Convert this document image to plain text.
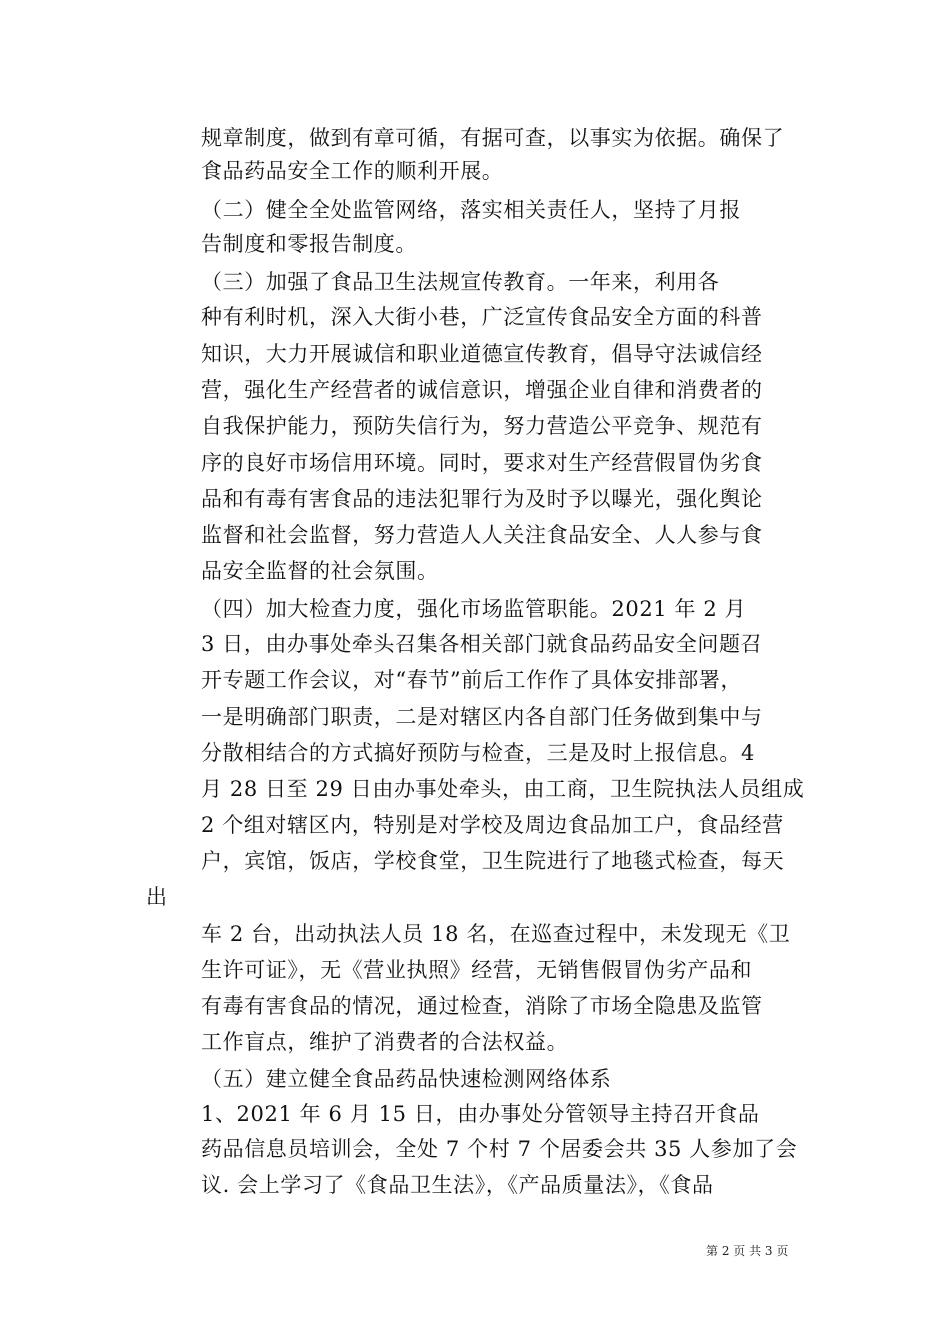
规章制度，做到有章可循，有据可查，以事实为依据。确保了
食品药品安全工作的顺利开展。
（二）健全全处监管网络，落实相关责任人，坚持了月报
告制度和零报告制度。
（三）加强了食品卫生法规宣传教育。一年来，利用各
种有利时机，深入大街小巷，广泛宣传食品安全方面的科普
知识，大力开展诚信和职业道德宣传教育，倡导守法诚信经
营，强化生产经营者的诚信意识，增强企业自律和消费者的
自我保护能力，预防失信行为，努力营造公平竞争、规范有
序的良好市场信用环境。同时，要求对生产经营假冒伪劣食
品和有毒有害食品的违法犯罪行为及时予以曝光，强化舆论
监督和社会监督，努力营造人人关注食品安全、人人参与食
品安全监督的社会氛围。
（四）加大检查力度，强化市场监管职能。2021 年 2 月
3 日，由办事处牵头召集各相关部门就食品药品安全问题召
开专题工作会议，对“春节”前后工作作了具体安排部署，
一是明确部门职责，二是对辖区内各自部门任务做到集中与
分散相结合的方式搞好预防与检查，三是及时上报信息。4
月 28 日至 29 日由办事处牵头，由工商，卫生院执法人员组成
2 个组对辖区内，特别是对学校及周边食品加工户，食品经营
户，宾馆，饭店，学校食堂，卫生院进行了地毯式检查，每天
出
车 2 台，出动执法人员 18 名，在巡查过程中，未发现无《卫
生许可证》，无《营业执照》经营，无销售假冒伪劣产品和
有毒有害食品的情况，通过检查，消除了市场全隐患及监管
工作盲点，维护了消费者的合法权益。
（五）建立健全食品药品快速检测网络体系
1、2021 年 6 月 15 日，由办事处分管领导主持召开食品
药品信息员培训会，全处 7 个村 7 个居委会共 35 人参加了会
议. 会上学习了《食品卫生法》，《产品质量法》，《食品
第 2 页 共 3 页
